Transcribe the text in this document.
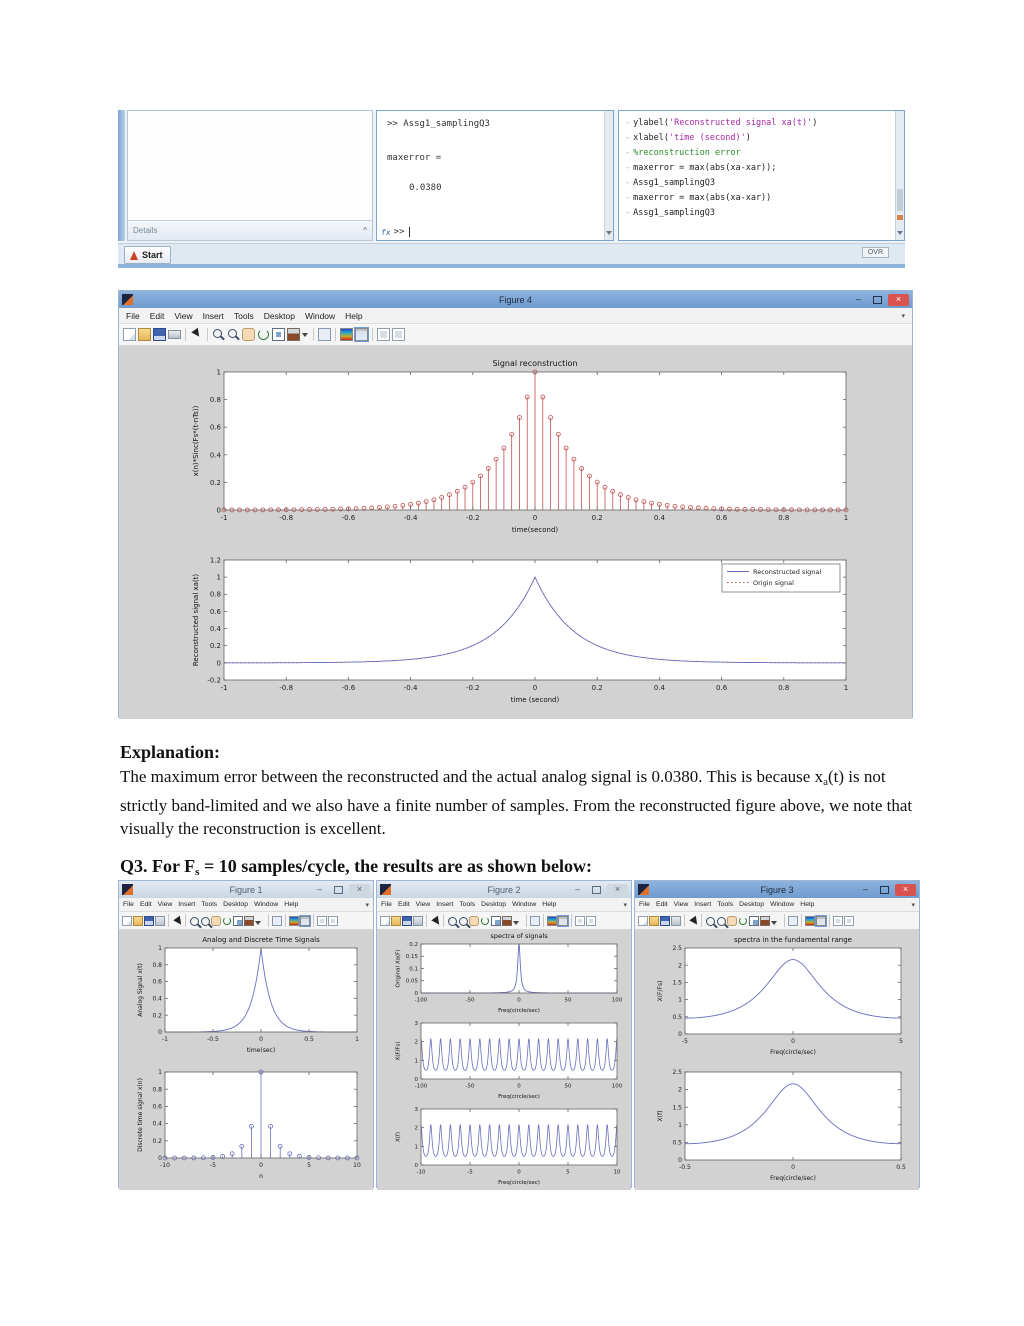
Details	^
>> Assg1_samplingQ3
maxerror =
0.0380
fx >>
- ylabel('Reconstructed signal xa(t)')
- xlabel('time (second)')
- %reconstruction error
- maxerror = max(abs(xa-xar));
- Assg1_samplingQ3
- maxerror = max(abs(xa-xar))
- Assg1_samplingQ3
Start	OVR
Figure 4	–	×
File Edit View Insert Tools Desktop Window Help	▾
-1	-0.8	-0.6	-0.4	-0.2	0	0.2	0.4	0.6	0.8	1
0
0.2
0.4
0.6
0.8
1
Signal reconstruction
time(second)
x(n)*Sinc(Fs*(t-nTs))
-1	-0.8	-0.6	-0.4	-0.2	0	0.2	0.4	0.6	0.8	1
-0.2
0
0.2
0.4
0.6
0.8
1
1.2
time (second)
Reconstructed signal xa(t)
Reconstructed signal
Origin signal
Explanation:

The maximum error between the reconstructed and the actual analog signal is 0.0380. This is because $x_a(t)$ is not strictly band-limited and we also have a finite number of samples. From the reconstructed figure above, we note that visually the reconstruction is excellent.

Q3. For $F_s = 10$ samples/cycle, the results are as shown below:
Figure 1	–	×
File Edit View Insert Tools Desktop Window Help	▾
-1	-0.5	0	0.5	1
0
0.2
0.4
0.6
0.8
1
Analog and Discrete Time Signals
time(sec)
Analog Signal x(t)
-10	-5	0	5	10
0
0.2
0.4
0.6
0.8
1
n
Discrete time signal x(n)
Figure 2	–	×
File Edit View Insert Tools Desktop Window Help	▾
-100	-50	0	50	100
0
0.05
0.1
0.15
0.2
spectra of signals
Freq(circle/sec)
Original Xa(F)
-100	-50	0	50	100
0
1
2
3
Freq(circle/sec)
X(F/Fs)
-10	-5	0	5	10
0
1
2
3
Freq(circle/sec)
X(f)
Figure 3	–	×
File Edit View Insert Tools Desktop Window Help	▾
-5	0	5
0
0.5
1
1.5
2
2.5
spectra in the fundamental range
Freq(circle/sec)
X(F/Fs)
-0.5	0	0.5
0
0.5
1
1.5
2
2.5
Freq(circle/sec)
X(f)
